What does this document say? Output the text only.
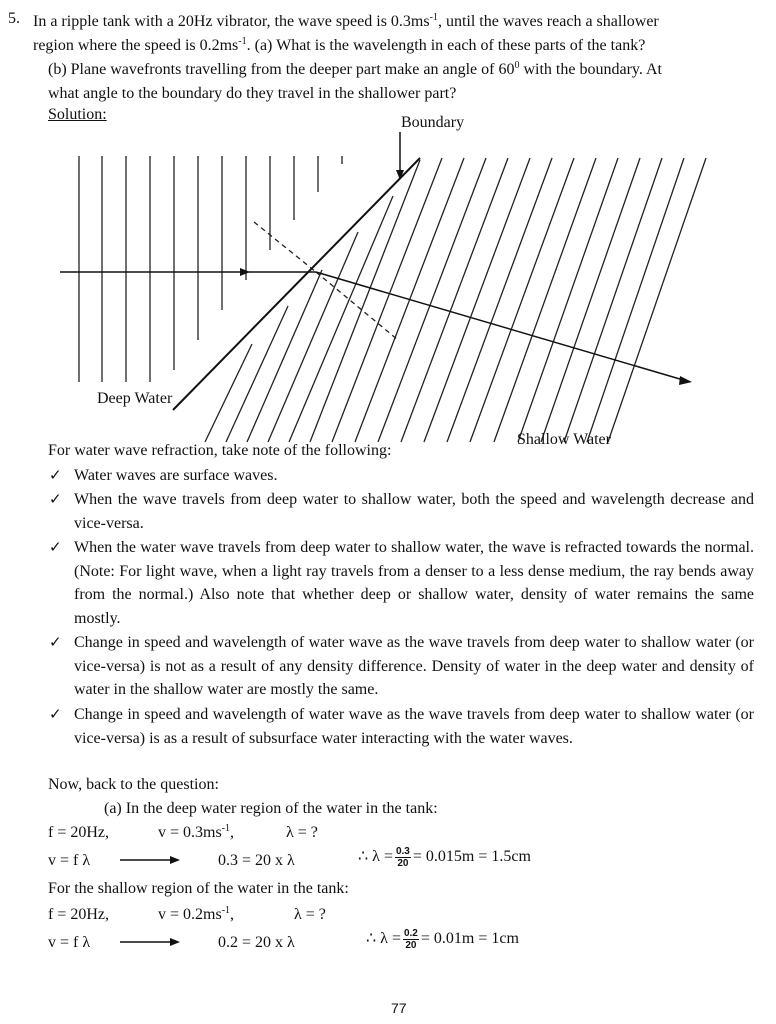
5. In a ripple tank with a 20Hz vibrator, the wave speed is $0.3ms^{-1}$, until the waves reach a shallower
region where the speed is $0.2ms^{-1}$. (a) What is the wavelength in each of these parts of the tank?
(b) Plane wavefronts travelling from the deeper part make an angle of $60^0$ with the boundary. At
what angle to the boundary do they travel in the shallower part?
Solution:	Boundary
Deep Water
Shallow Water
For water wave refraction, take note of the following:
✓ Water waves are surface waves.
✓ When the wave travels from deep water to shallow water, both the speed and wavelength decrease and vice-versa.
✓ When the water wave travels from deep water to shallow water, the wave is refracted towards the normal. (Note: For light wave, when a light ray travels from a denser to a less dense medium, the ray bends away from the normal.) Also note that whether deep or shallow water, density of water remains the same mostly.
✓ Change in speed and wavelength of water wave as the wave travels from deep water to shallow water (or vice-versa) is not as a result of any density difference. Density of water in the deep water and density of water in the shallow water are mostly the same.
✓ Change in speed and wavelength of water wave as the wave travels from deep water to shallow water (or vice-versa) is as a result of subsurface water interacting with the water waves.
Now, back to the question:
(a) In the deep water region of the water in the tank:
f = 20Hz,	$v = 0.3ms^{-1}$,	λ = ?
v = f λ	0.3 = 20 x λ	∴ $\lambda = \frac{0.3}{20} = 0.015m = 1.5cm$
For the shallow region of the water in the tank:
f = 20Hz,	$v = 0.2ms^{-1}$,	λ = ?
v = f λ	0.2 = 20 x λ	∴ $\lambda = \frac{0.2}{20} = 0.01m = 1cm$
77
